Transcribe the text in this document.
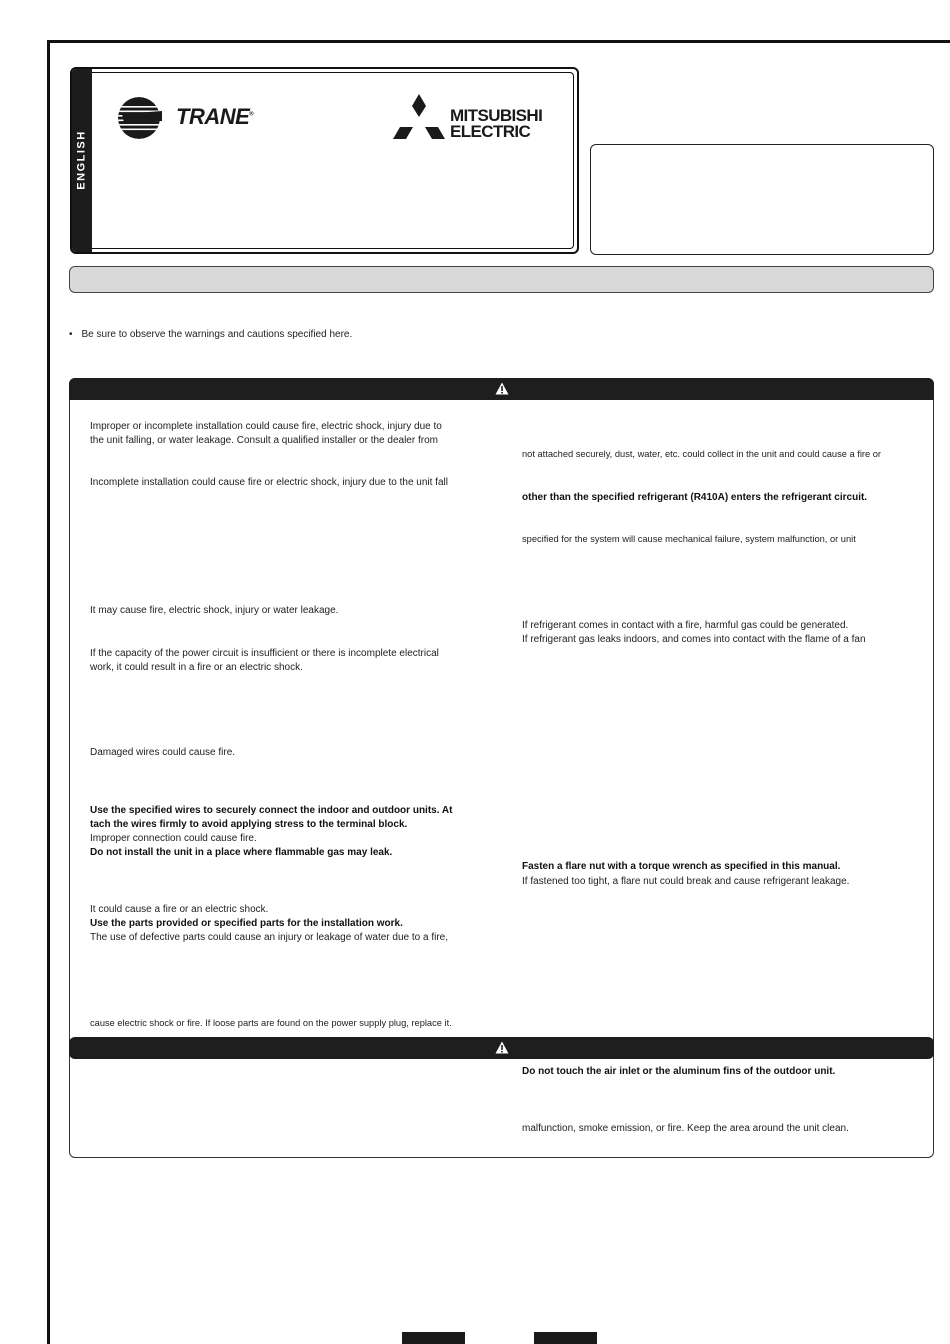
ENGLISH
TRANE®	MITSUBISHI
ELECTRIC
• Be sure to observe the warnings and cautions specified here.
Improper or incomplete installation could cause fire, electric shock, injury due to
the unit falling, or water leakage. Consult a qualified installer or the dealer from
Incomplete installation could cause fire or electric shock, injury due to the unit fall
It may cause fire, electric shock, injury or water leakage.
If the capacity of the power circuit is insufficient or there is incomplete electrical
work, it could result in a fire or an electric shock.
Damaged wires could cause fire.
Use the specified wires to securely connect the indoor and outdoor units. At
tach the wires firmly to avoid applying stress to the terminal block.
Improper connection could cause fire.
Do not install the unit in a place where flammable gas may leak.
It could cause a fire or an electric shock.
Use the parts provided or specified parts for the installation work.
The use of defective parts could cause an injury or leakage of water due to a fire,
cause electric shock or fire. If loose parts are found on the power supply plug, replace it.
not attached securely, dust, water, etc. could collect in the unit and could cause a fire or
other than the specified refrigerant (R410A) enters the refrigerant circuit.
specified for the system will cause mechanical failure, system malfunction, or unit
If refrigerant comes in contact with a fire, harmful gas could be generated.
If refrigerant gas leaks indoors, and comes into contact with the flame of a fan
Fasten a flare nut with a torque wrench as specified in this manual.
If fastened too tight, a flare nut could break and cause refrigerant leakage.
Do not touch the air inlet or the aluminum fins of the outdoor unit.
malfunction, smoke emission, or fire. Keep the area around the unit clean.
